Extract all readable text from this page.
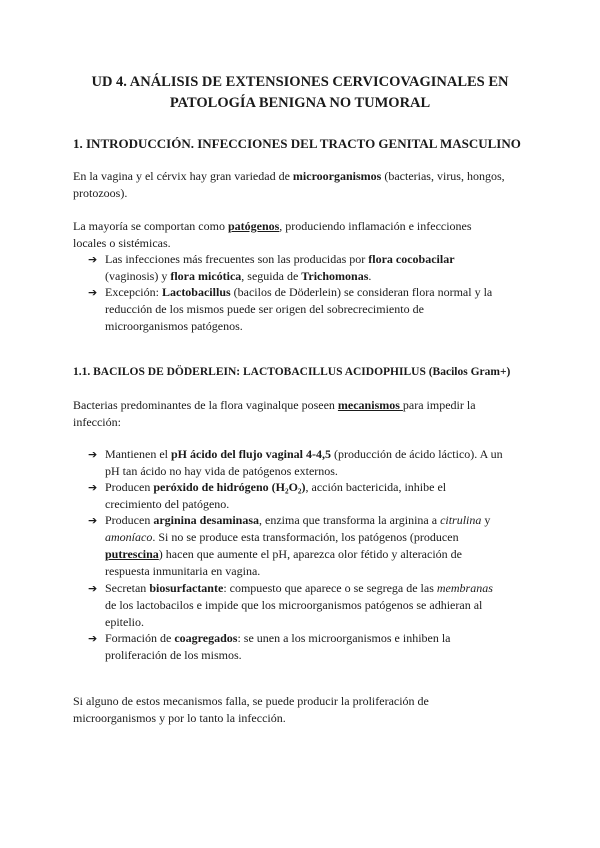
UD 4. ANÁLISIS DE EXTENSIONES CERVICOVAGINALES EN
PATOLOGÍA BENIGNA NO TUMORAL
1. INTRODUCCIÓN. INFECCIONES DEL TRACTO GENITAL MASCULINO
En la vagina y el cérvix hay gran variedad de microorganismos (bacterias, virus, hongos,
protozoos).
La mayoría se comportan como patógenos, produciendo inflamación e infecciones
locales o sistémicas.
➔ Las infecciones más frecuentes son las producidas por flora cocobacilar
(vaginosis) y flora micótica, seguida de Trichomonas.
➔ Excepción: Lactobacillus (bacilos de Döderlein) se consideran flora normal y la
reducción de los mismos puede ser origen del sobrecrecimiento de
microorganismos patógenos.
1.1. BACILOS DE DÖDERLEIN: LACTOBACILLUS ACIDOPHILUS (Bacilos Gram+)
Bacterias predominantes de la flora vaginalque poseen mecanismos para impedir la
infección:
➔ Mantienen el pH ácido del flujo vaginal 4-4,5 (producción de ácido láctico). A un
pH tan ácido no hay vida de patógenos externos.
➔ Producen peróxido de hidrógeno (H₂O₂), acción bactericida, inhibe el
crecimiento del patógeno.
➔ Producen arginina desaminasa, enzima que transforma la arginina a citrulina y
amoníaco. Si no se produce esta transformación, los patógenos (producen
putrescina) hacen que aumente el pH, aparezca olor fétido y alteración de
respuesta inmunitaria en vagina.
➔ Secretan biosurfactante: compuesto que aparece o se segrega de las membranas
de los lactobacilos e impide que los microorganismos patógenos se adhieran al
epitelio.
➔ Formación de coagregados: se unen a los microorganismos e inhiben la
proliferación de los mismos.
Si alguno de estos mecanismos falla, se puede producir la proliferación de
microorganismos y por lo tanto la infección.
